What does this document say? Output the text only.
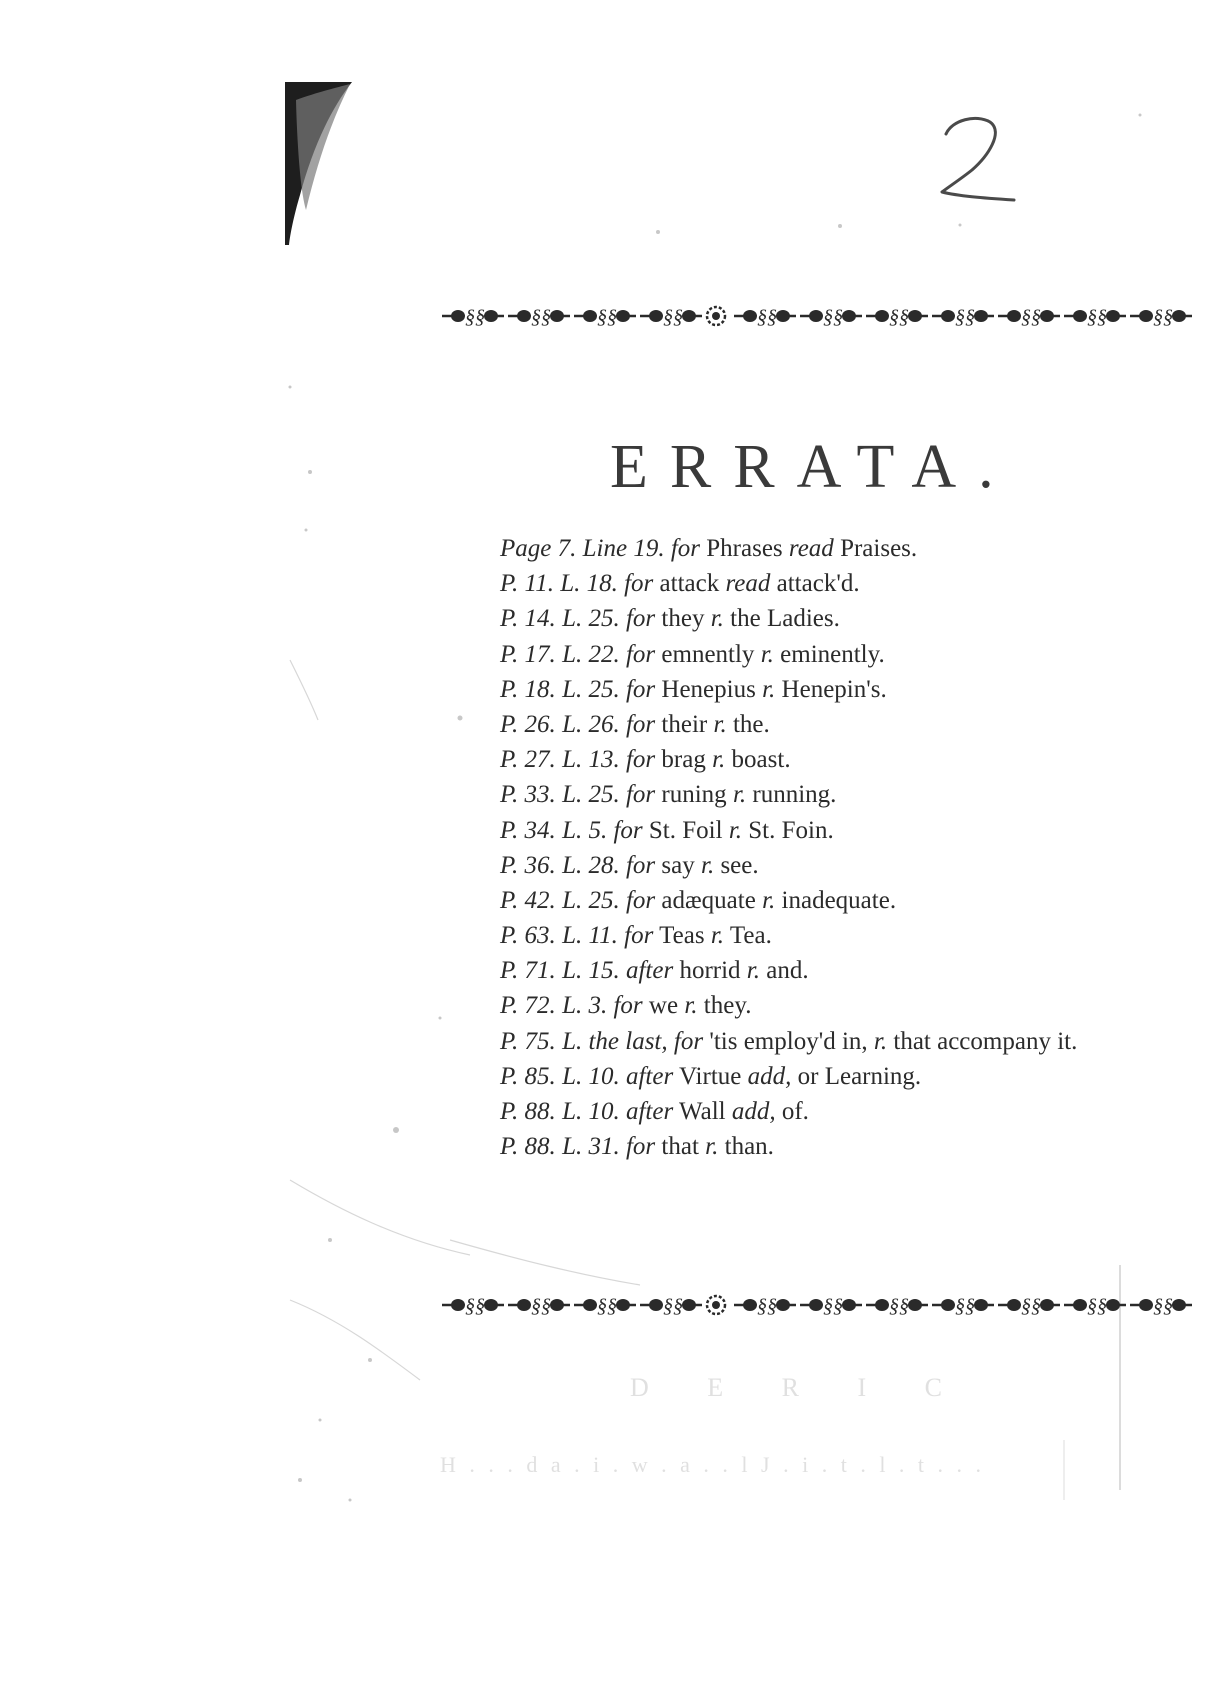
D E R I C
H . . . d a . i . w . a . . l J . i . t . l . t . . .
ERRATA.
Page 7. Line 19. for Phrases read Praises.
P. 11. L. 18. for attack read attack'd.
P. 14. L. 25. for they r. the Ladies.
P. 17. L. 22. for emnently r. eminently.
P. 18. L. 25. for Henepius r. Henepin's.
P. 26. L. 26. for their r. the.
P. 27. L. 13. for brag r. boast.
P. 33. L. 25. for runing r. running.
P. 34. L. 5. for St. Foil r. St. Foin.
P. 36. L. 28. for say r. see.
P. 42. L. 25. for adæquate r. inadequate.
P. 63. L. 11. for Teas r. Tea.
P. 71. L. 15. after horrid r. and.
P. 72. L. 3. for we r. they.
P. 75. L. the last, for 'tis employ'd in, r. that accompany it.
P. 85. L. 10. after Virtue add, or Learning.
P. 88. L. 10. after Wall add, of.
P. 88. L. 31. for that r. than.
